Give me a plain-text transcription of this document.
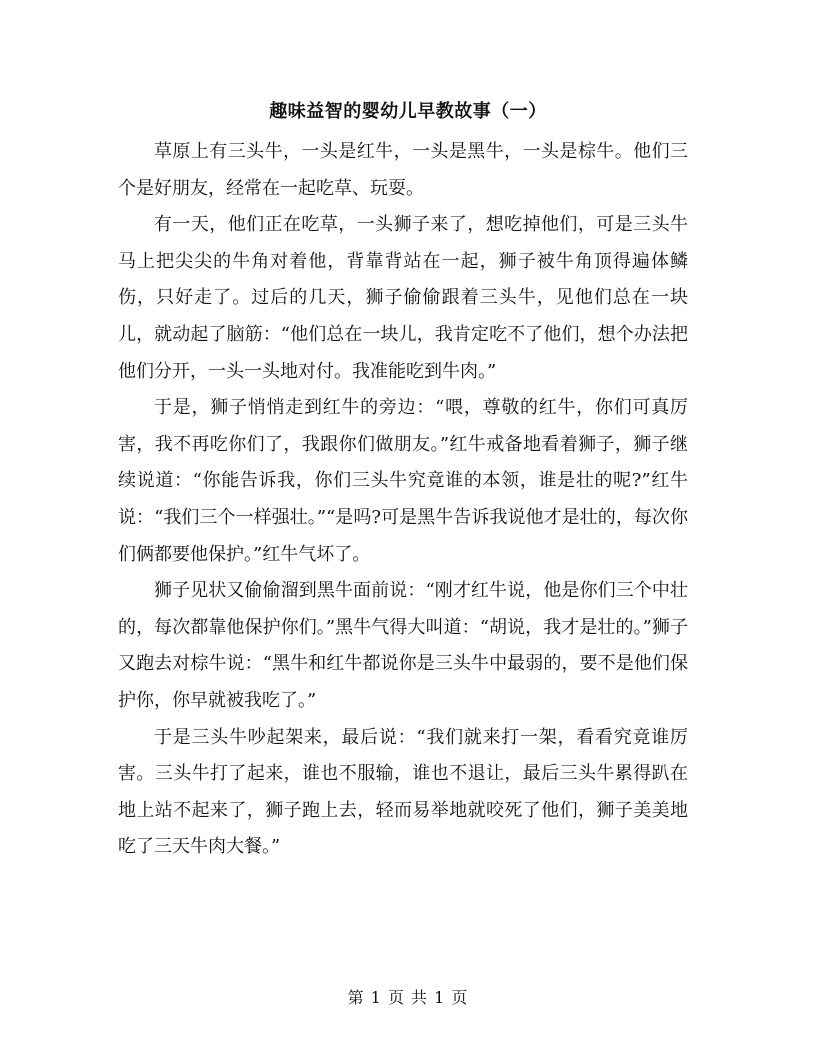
趣味益智的婴幼儿早教故事（一）

草原上有三头牛，一头是红牛，一头是黑牛，一头是棕牛。他们三个是好朋友，经常在一起吃草、玩耍。

有一天，他们正在吃草，一头狮子来了，想吃掉他们，可是三头牛马上把尖尖的牛角对着他，背靠背站在一起，狮子被牛角顶得遍体鳞伤，只好走了。过后的几天，狮子偷偷跟着三头牛，见他们总在一块儿，就动起了脑筋：“他们总在一块儿，我肯定吃不了他们，想个办法把他们分开，一头一头地对付。我准能吃到牛肉。”

于是，狮子悄悄走到红牛的旁边：“喂，尊敬的红牛，你们可真厉害，我不再吃你们了，我跟你们做朋友。”红牛戒备地看着狮子，狮子继续说道：“你能告诉我，你们三头牛究竟谁的本领，谁是壮的呢?”红牛说：“我们三个一样强壮。”“是吗?可是黑牛告诉我说他才是壮的，每次你们俩都要他保护。”红牛气坏了。

狮子见状又偷偷溜到黑牛面前说：“刚才红牛说，他是你们三个中壮的，每次都靠他保护你们。”黑牛气得大叫道：“胡说，我才是壮的。”狮子又跑去对棕牛说：“黑牛和红牛都说你是三头牛中最弱的，要不是他们保护你，你早就被我吃了。”

于是三头牛吵起架来，最后说：“我们就来打一架，看看究竟谁厉害。三头牛打了起来，谁也不服输，谁也不退让，最后三头牛累得趴在地上站不起来了，狮子跑上去，轻而易举地就咬死了他们，狮子美美地吃了三天牛肉大餐。”

第 1 页 共 1 页
